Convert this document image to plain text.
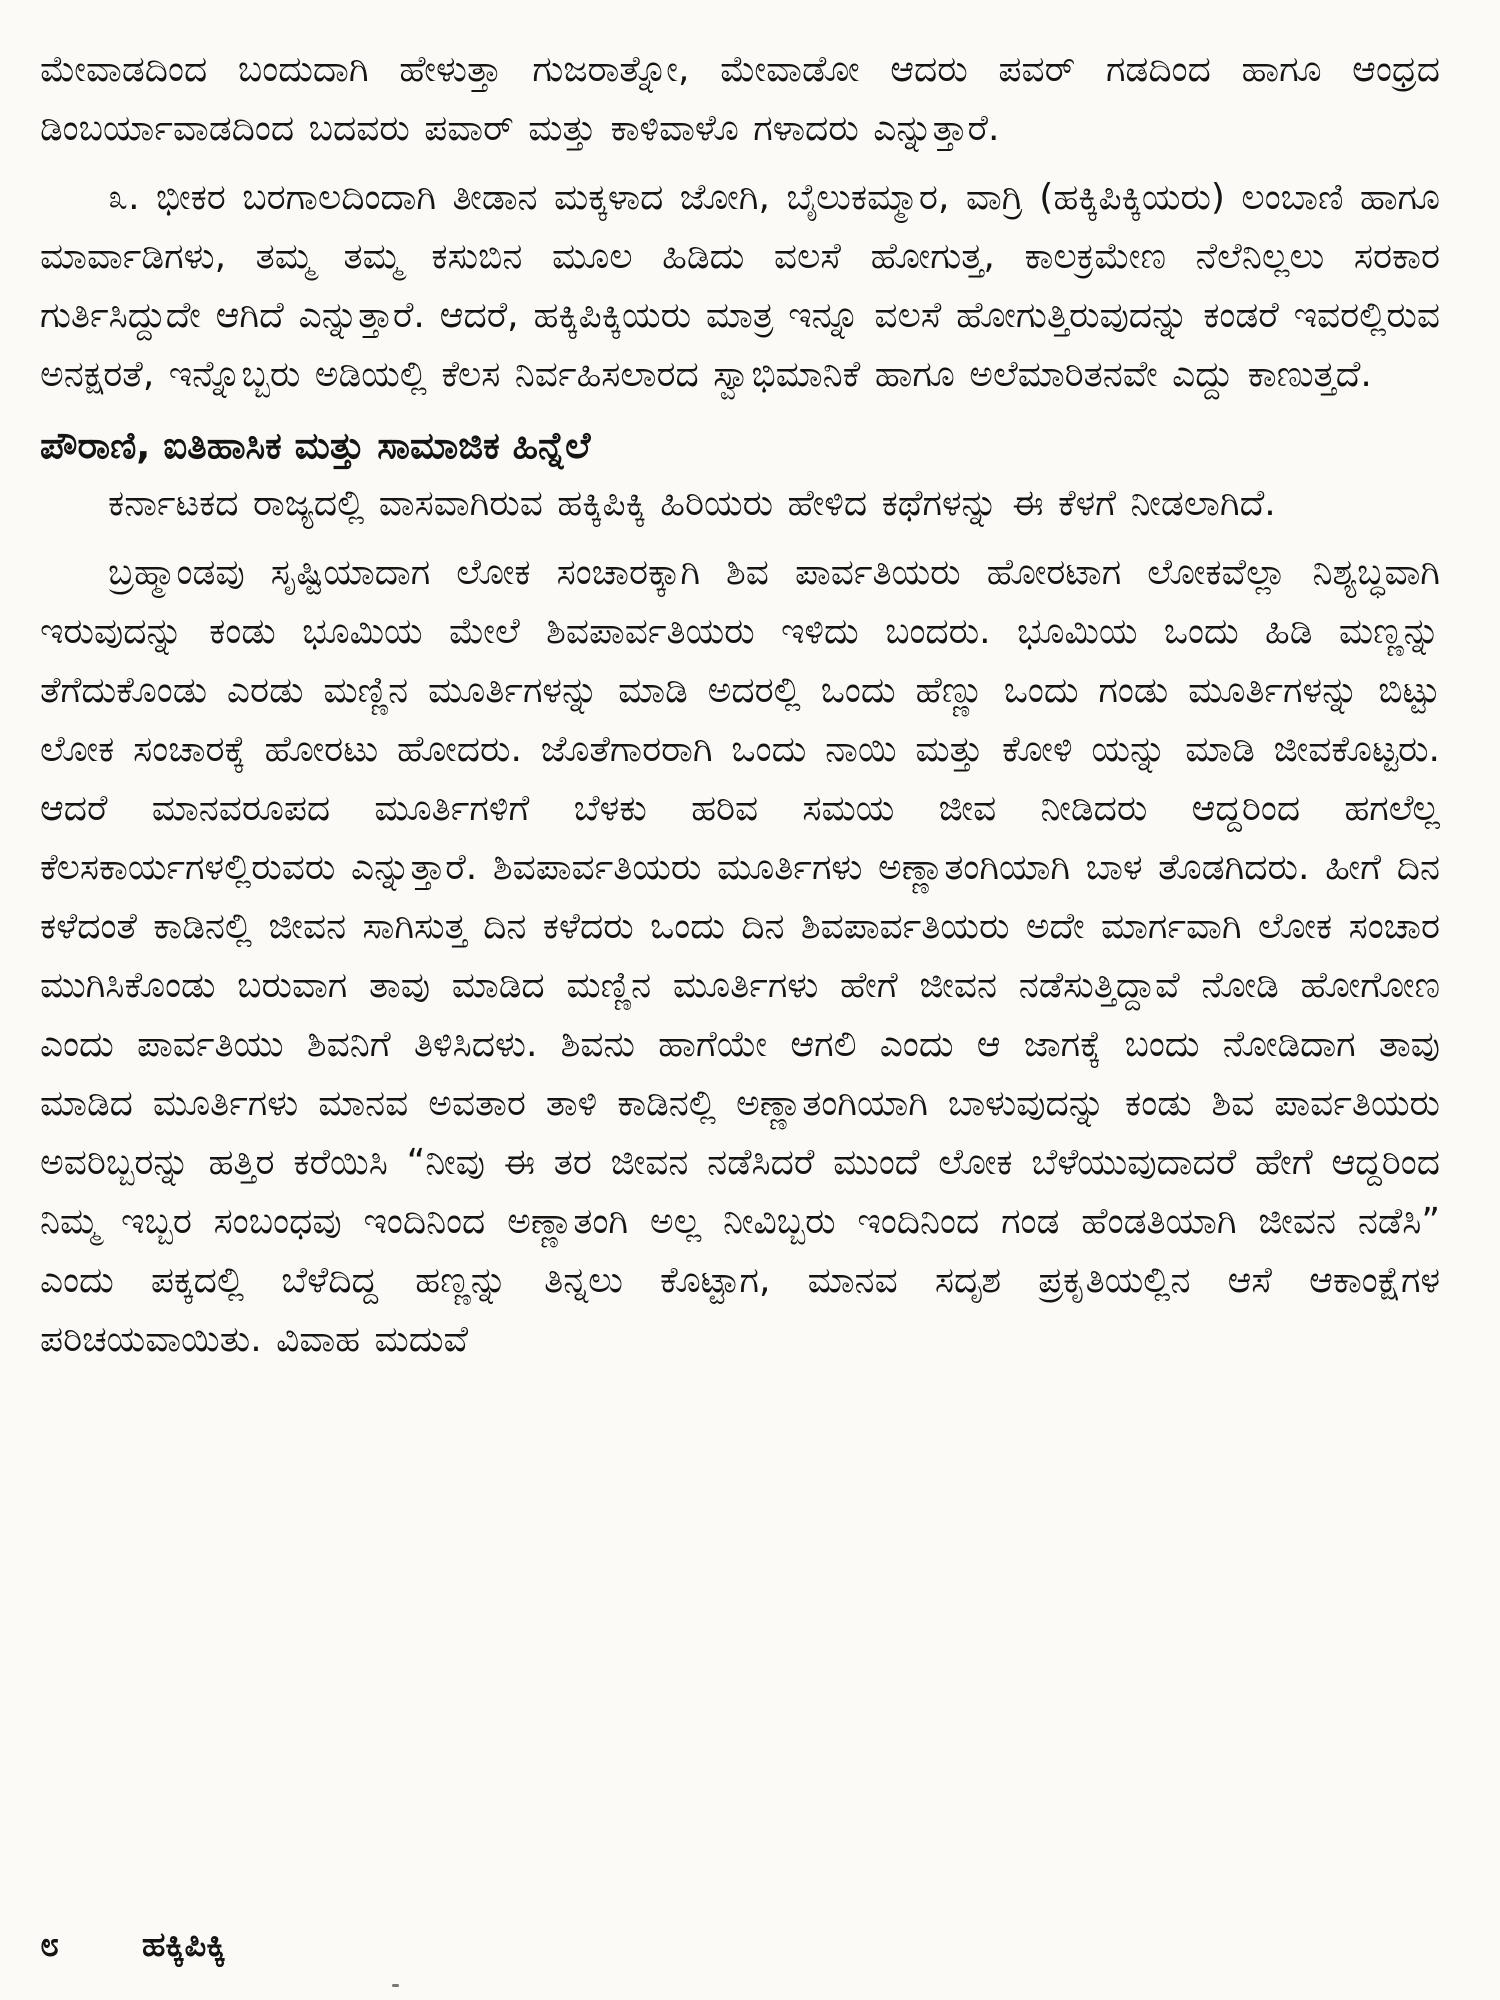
ಮೇವಾಡದಿಂದ ಬಂದುದಾಗಿ ಹೇಳುತ್ತಾ ಗುಜರಾತ್ನೋ, ಮೇವಾಡೋ ಆದರು ಪವರ್ ಗಡದಿಂದ ಹಾಗೂ ಆಂಧ್ರದ ಡಿಂಬರ್ಯಾವಾಡದಿಂದ ಬದವರು ಪವಾರ್ ಮತ್ತು ಕಾಳಿವಾಳೊ ಗಳಾದರು ಎನ್ನುತ್ತಾರೆ.

೩. ಭೀಕರ ಬರಗಾಲದಿಂದಾಗಿ ತೀಡಾನ ಮಕ್ಕಳಾದ ಜೋಗಿ, ಬೈಲುಕಮ್ಮಾರ, ವಾಗ್ರಿ (ಹಕ್ಕಿಪಿಕ್ಕಿಯರು) ಲಂಬಾಣಿ ಹಾಗೂ ಮಾರ್ವಾಡಿಗಳು, ತಮ್ಮ ತಮ್ಮ ಕಸುಬಿನ ಮೂಲ ಹಿಡಿದು ವಲಸೆ ಹೋಗುತ್ತ, ಕಾಲಕ್ರಮೇಣ ನೆಲೆನಿಲ್ಲಲು ಸರಕಾರ ಗುರ್ತಿಸಿದ್ದುದೇ ಆಗಿದೆ ಎನ್ನುತ್ತಾರೆ. ಆದರೆ, ಹಕ್ಕಿಪಿಕ್ಕಿಯರು ಮಾತ್ರ ಇನ್ನೂ ವಲಸೆ ಹೋಗುತ್ತಿರುವುದನ್ನು ಕಂಡರೆ ಇವರಲ್ಲಿರುವ ಅನಕ್ಷರತೆ, ಇನ್ನೊಬ್ಬರು ಅಡಿಯಲ್ಲಿ ಕೆಲಸ ನಿರ್ವಹಿಸಲಾರದ ಸ್ವಾಭಿಮಾನಿಕೆ ಹಾಗೂ ಅಲೆಮಾರಿತನವೇ ಎದ್ದು ಕಾಣುತ್ತದೆ.

ಪೌರಾಣಿ, ಐತಿಹಾಸಿಕ ಮತ್ತು ಸಾಮಾಜಿಕ ಹಿನ್ನೆಲೆ

ಕರ್ನಾಟಕದ ರಾಜ್ಯದಲ್ಲಿ ವಾಸವಾಗಿರುವ ಹಕ್ಕಿಪಿಕ್ಕಿ ಹಿರಿಯರು ಹೇಳಿದ ಕಥೆಗಳನ್ನು ಈ ಕೆಳಗೆ ನೀಡಲಾಗಿದೆ.

ಬ್ರಹ್ಮಾಂಡವು ಸೃಷ್ಟಿಯಾದಾಗ ಲೋಕ ಸಂಚಾರಕ್ಕಾಗಿ ಶಿವ ಪಾರ್ವತಿಯರು ಹೋರಟಾಗ ಲೋಕವೆಲ್ಲಾ ನಿಶ್ಯಬ್ಧವಾಗಿ ಇರುವುದನ್ನು ಕಂಡು ಭೂಮಿಯ ಮೇಲೆ ಶಿವಪಾರ್ವತಿಯರು ಇಳಿದು ಬಂದರು. ಭೂಮಿಯ ಒಂದು ಹಿಡಿ ಮಣ್ಣನ್ನು ತೆಗೆದುಕೊಂಡು ಎರಡು ಮಣ್ಣಿನ ಮೂರ್ತಿಗಳನ್ನು ಮಾಡಿ ಅದರಲ್ಲಿ ಒಂದು ಹೆಣ್ಣು ಒಂದು ಗಂಡು ಮೂರ್ತಿಗಳನ್ನು ಬಿಟ್ಟು ಲೋಕ ಸಂಚಾರಕ್ಕೆ ಹೋರಟು ಹೋದರು. ಜೊತೆಗಾರರಾಗಿ ಒಂದು ನಾಯಿ ಮತ್ತು ಕೋಳಿ ಯನ್ನು ಮಾಡಿ ಜೀವಕೊಟ್ಟರು. ಆದರೆ ಮಾನವರೂಪದ ಮೂರ್ತಿಗಳಿಗೆ ಬೆಳಕು ಹರಿವ ಸಮಯ ಜೀವ ನೀಡಿದರು ಆದ್ದರಿಂದ ಹಗಲೆಲ್ಲ ಕೆಲಸಕಾರ್ಯಗಳಲ್ಲಿರುವರು ಎನ್ನುತ್ತಾರೆ. ಶಿವಪಾರ್ವತಿಯರು ಮೂರ್ತಿಗಳು ಅಣ್ಣಾತಂಗಿಯಾಗಿ ಬಾಳ ತೊಡಗಿದರು. ಹೀಗೆ ದಿನ ಕಳೆದಂತೆ ಕಾಡಿನಲ್ಲಿ ಜೀವನ ಸಾಗಿಸುತ್ತ ದಿನ ಕಳೆದರು ಒಂದು ದಿನ ಶಿವಪಾರ್ವತಿಯರು ಅದೇ ಮಾರ್ಗವಾಗಿ ಲೋಕ ಸಂಚಾರ ಮುಗಿಸಿಕೊಂಡು ಬರುವಾಗ ತಾವು ಮಾಡಿದ ಮಣ್ಣಿನ ಮೂರ್ತಿಗಳು ಹೇಗೆ ಜೀವನ ನಡೆಸುತ್ತಿದ್ದಾವೆ ನೋಡಿ ಹೋಗೋಣ ಎಂದು ಪಾರ್ವತಿಯು ಶಿವನಿಗೆ ತಿಳಿಸಿದಳು. ಶಿವನು ಹಾಗೆಯೇ ಆಗಲಿ ಎಂದು ಆ ಜಾಗಕ್ಕೆ ಬಂದು ನೋಡಿದಾಗ ತಾವು ಮಾಡಿದ ಮೂರ್ತಿಗಳು ಮಾನವ ಅವತಾರ ತಾಳಿ ಕಾಡಿನಲ್ಲಿ ಅಣ್ಣಾತಂಗಿಯಾಗಿ ಬಾಳುವುದನ್ನು ಕಂಡು ಶಿವ ಪಾರ್ವತಿಯರು ಅವರಿಬ್ಬರನ್ನು ಹತ್ತಿರ ಕರೆಯಿಸಿ “ನೀವು ಈ ತರ ಜೀವನ ನಡೆಸಿದರೆ ಮುಂದೆ ಲೋಕ ಬೆಳೆಯುವುದಾದರೆ ಹೇಗೆ ಆದ್ದರಿಂದ ನಿಮ್ಮ ಇಬ್ಬರ ಸಂಬಂಧವು ಇಂದಿನಿಂದ ಅಣ್ಣಾತಂಗಿ ಅಲ್ಲ ನೀವಿಬ್ಬರು ಇಂದಿನಿಂದ ಗಂಡ ಹೆಂಡತಿಯಾಗಿ ಜೀವನ ನಡೆಸಿ” ಎಂದು ಪಕ್ಕದಲ್ಲಿ ಬೆಳೆದಿದ್ದ ಹಣ್ಣನ್ನು ತಿನ್ನಲು ಕೊಟ್ಟಾಗ, ಮಾನವ ಸದೃಶ ಪ್ರಕೃತಿಯಲ್ಲಿನ ಆಸೆ ಆಕಾಂಕ್ಷೆಗಳ ಪರಿಚಯವಾಯಿತು. ವಿವಾಹ ಮದುವೆ

೮ ಹಕ್ಕಿಪಿಕ್ಕಿ
